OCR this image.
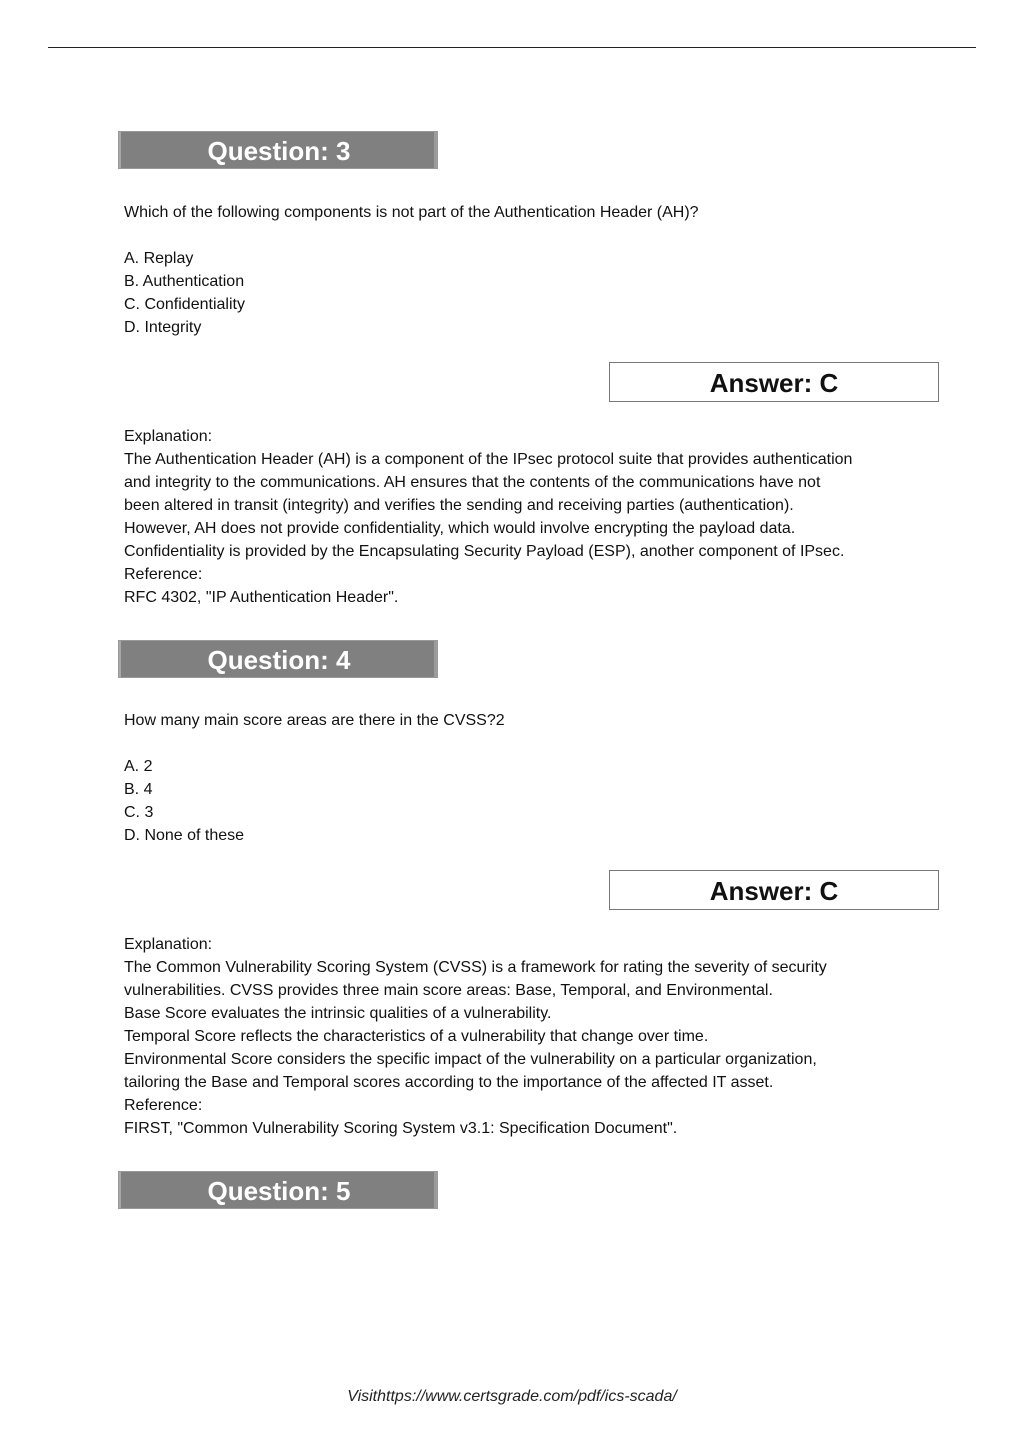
Question: 3
Which of the following components is not part of the Authentication Header (AH)?
A. Replay
B. Authentication
C. Confidentiality
D. Integrity
Answer: C
Explanation:
The Authentication Header (AH) is a component of the IPsec protocol suite that provides authentication
and integrity to the communications. AH ensures that the contents of the communications have not
been altered in transit (integrity) and verifies the sending and receiving parties (authentication).
However, AH does not provide confidentiality, which would involve encrypting the payload data.
Confidentiality is provided by the Encapsulating Security Payload (ESP), another component of IPsec.
Reference:
RFC 4302, "IP Authentication Header".
Question: 4
How many main score areas are there in the CVSS?2
A. 2
B. 4
C. 3
D. None of these
Answer: C
Explanation:
The Common Vulnerability Scoring System (CVSS) is a framework for rating the severity of security
vulnerabilities. CVSS provides three main score areas: Base, Temporal, and Environmental.
Base Score evaluates the intrinsic qualities of a vulnerability.
Temporal Score reflects the characteristics of a vulnerability that change over time.
Environmental Score considers the specific impact of the vulnerability on a particular organization,
tailoring the Base and Temporal scores according to the importance of the affected IT asset.
Reference:
FIRST, "Common Vulnerability Scoring System v3.1: Specification Document".
Question: 5
Visithttps://www.certsgrade.com/pdf/ics-scada/
